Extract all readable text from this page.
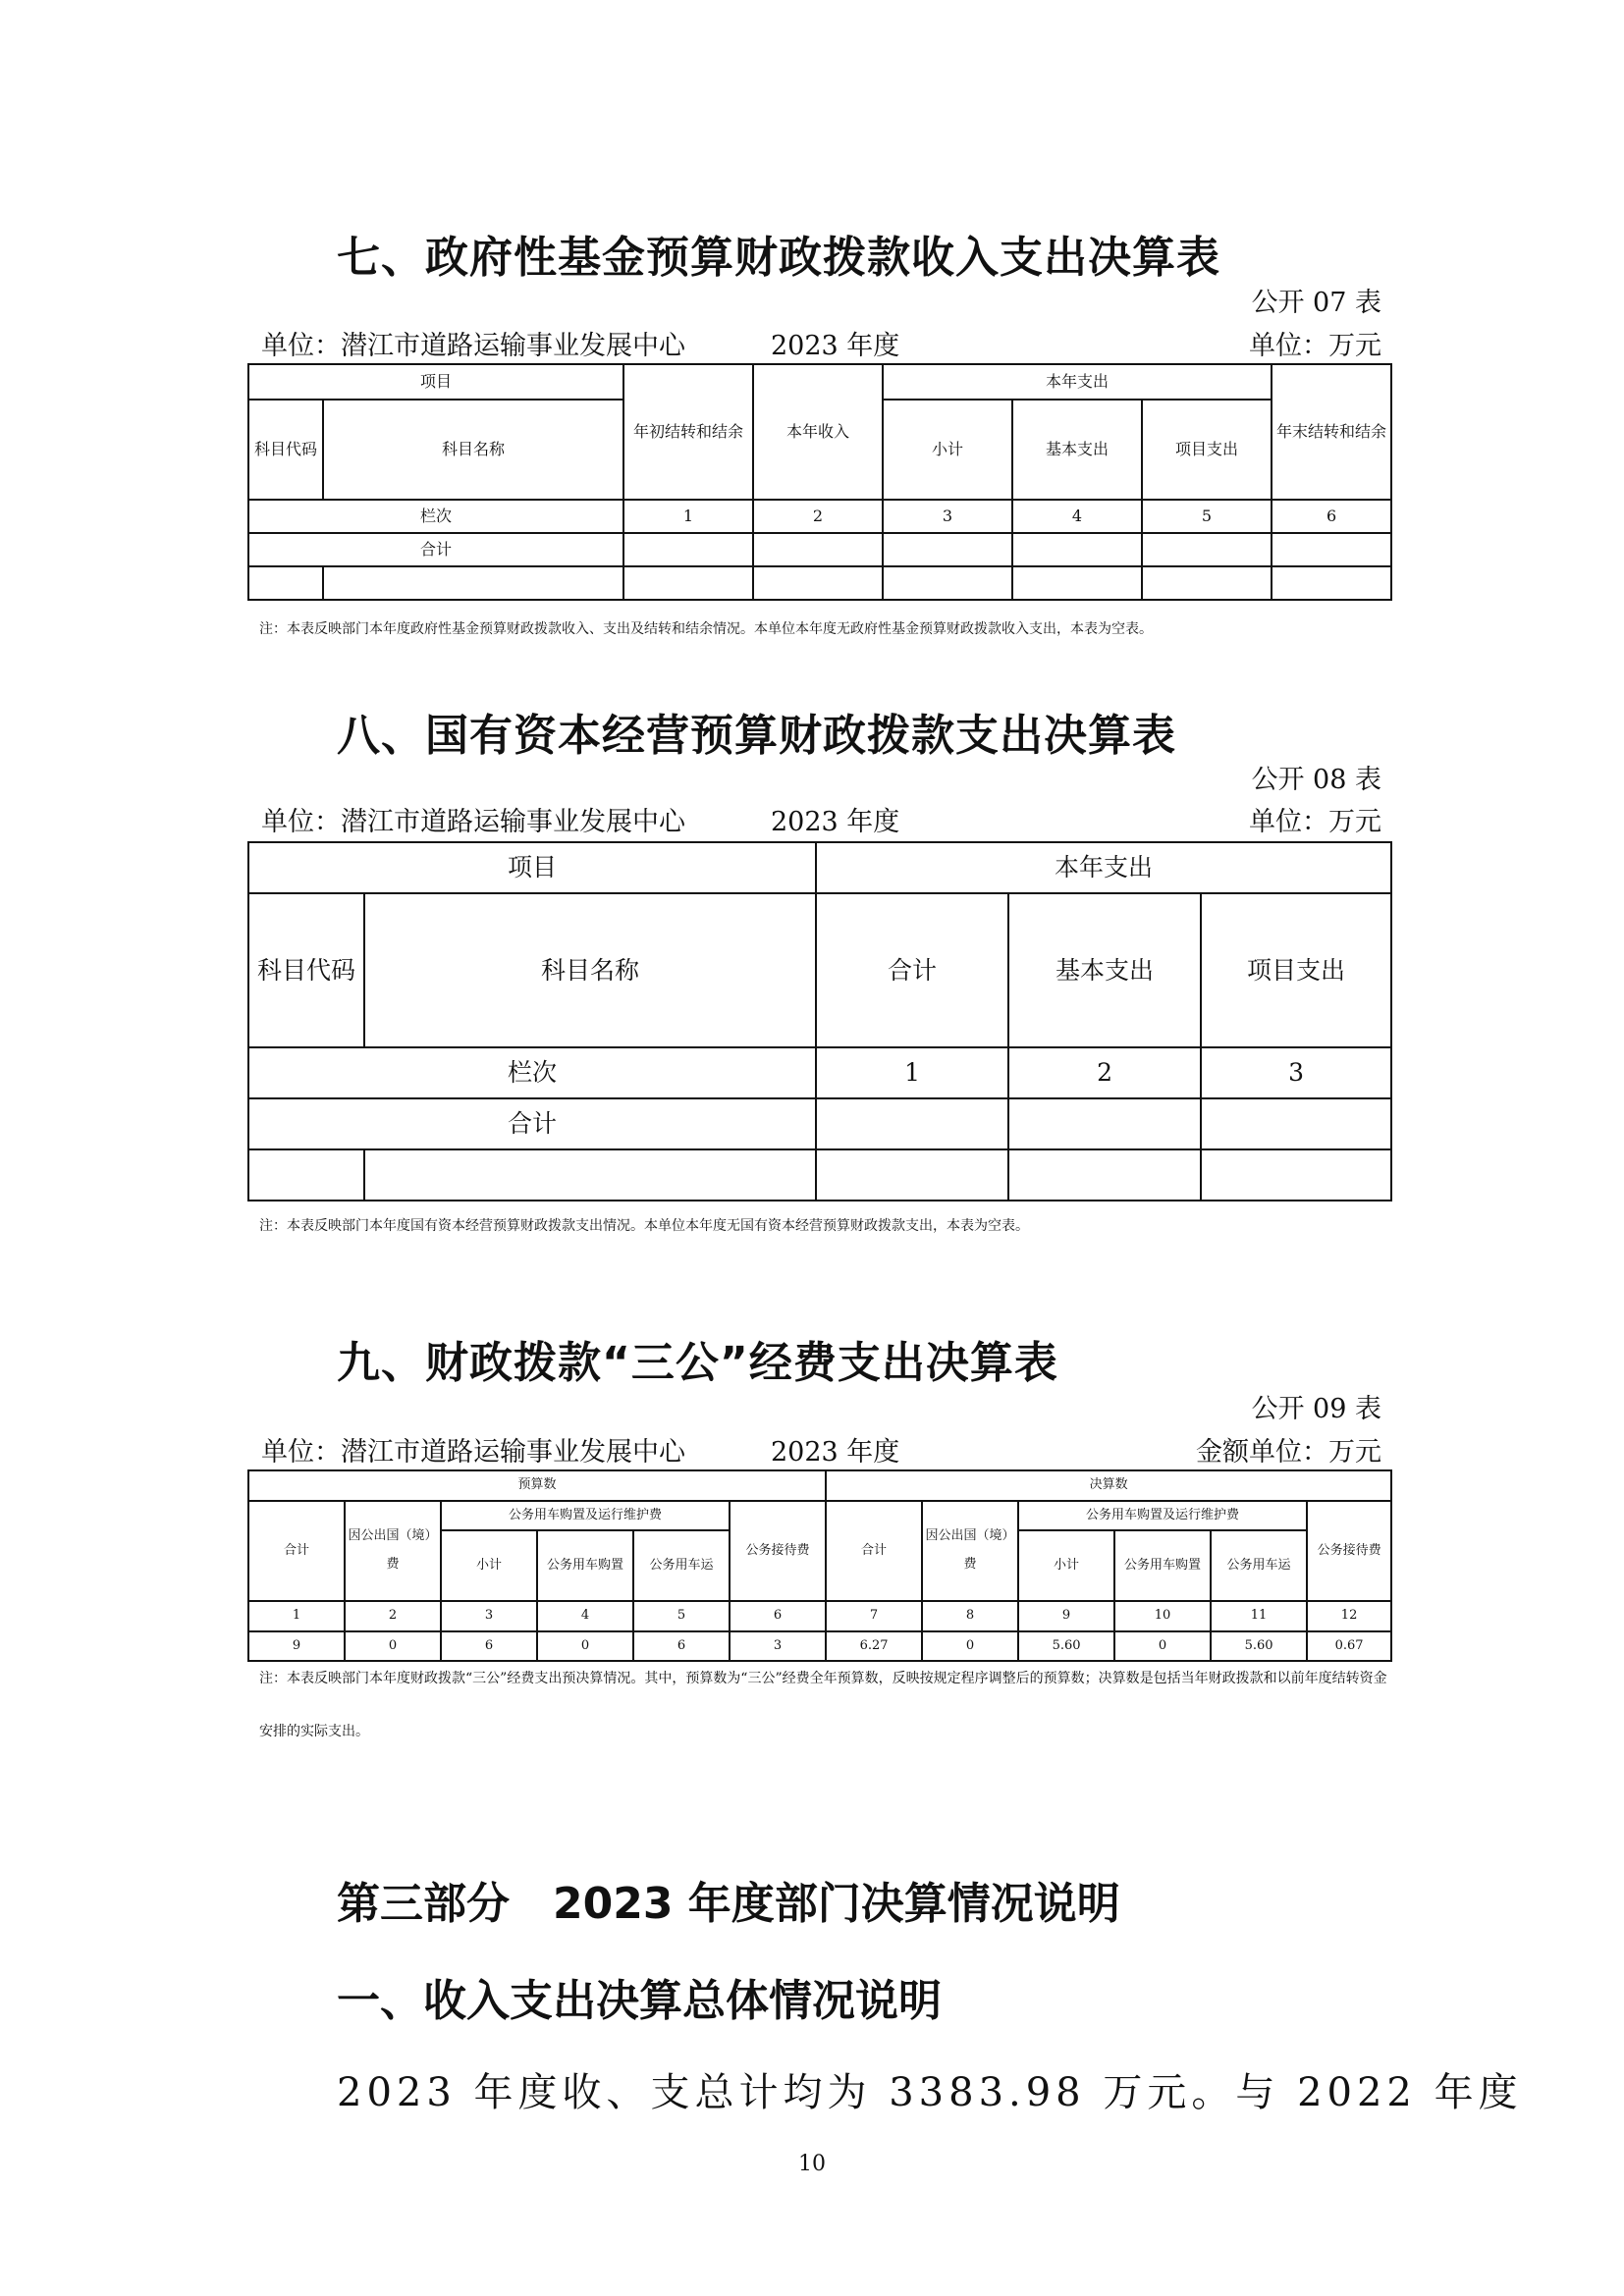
七、政府性基金预算财政拨款收入支出决算表
公开 07 表
单位：潜江市道路运输事业发展中心	2023 年度	单位：万元
项目		年初结转和结余	本年收入	本年支出			年末结转和结余
科目代码	科目名称			小计	基本支出	项目支出	
栏次		1	2	3	4	5	6
合计							

注：本表反映部门本年度政府性基金预算财政拨款收入、支出及结转和结余情况。本单位本年度无政府性基金预算财政拨款收入支出，本表为空表。
八、国有资本经营预算财政拨款支出决算表
公开 08 表
单位：潜江市道路运输事业发展中心	2023 年度	单位：万元
项目		本年支出		
科目代码	科目名称	合计	基本支出	项目支出
栏次		1	2	3
合计				

注：本表反映部门本年度国有资本经营预算财政拨款支出情况。本单位本年度无国有资本经营预算财政拨款支出，本表为空表。
九、财政拨款“三公”经费支出决算表
公开 09 表
单位：潜江市道路运输事业发展中心	2023 年度	金额单位：万元
预算数						决算数					
合计	因公出国（境）费	公务用车购置及运行维护费			公务接待费	合计	因公出国（境）费	公务用车购置及运行维护费			公务接待费
		小计	公务用车购置	公务用车运				小计	公务用车购置	公务用车运	
1	2	3	4	5	6	7	8	9	10	11	12
9	0	6	0	6	3	6.27	0	5.60	0	5.60	0.67
注：本表反映部门本年度财政拨款“三公”经费支出预决算情况。其中，预算数为“三公”经费全年预算数，反映按规定程序调整后的预算数；决算数是包括当年财政拨款和以前年度结转资金安排的实际支出。
第三部分　2023 年度部门决算情况说明
一、收入支出决算总体情况说明
2023 年度收、支总计均为 3383.98 万元。与 2022 年度
10
